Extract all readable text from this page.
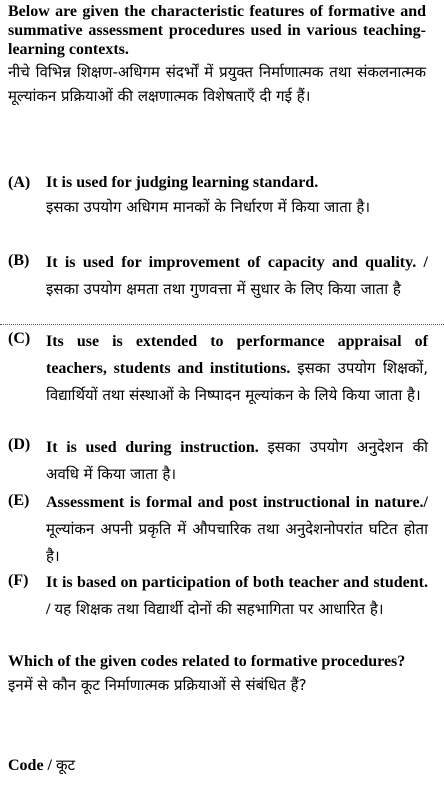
Below are given the characteristic features of formative and summative assessment procedures used in various teaching-learning contexts.
नीचे विभिन्न शिक्षण-अधिगम संदर्भों में प्रयुक्त निर्माणात्मक तथा संकलनात्मक मूल्यांकन प्रक्रियाओं की लक्षणात्मक विशेषताएँ दी गई हैं।
(A) It is used for judging learning standard.
इसका उपयोग अधिगम मानकों के निर्धारण में किया जाता है।
(B) It is used for improvement of capacity and quality. / इसका उपयोग क्षमता तथा गुणवत्ता में सुधार के लिए किया जाता है
(C) Its use is extended to performance appraisal of teachers, students and institutions. इसका उपयोग शिक्षकों, विद्यार्थियों तथा संस्थाओं के निष्पादन मूल्यांकन के लिये किया जाता है।
(D) It is used during instruction. इसका उपयोग अनुदेशन की अवधि में किया जाता है।
(E) Assessment is formal and post instructional in nature./ मूल्यांकन अपनी प्रकृति में औपचारिक तथा अनुदेशनोपरांत घटित होता है।
(F) It is based on participation of both teacher and student. / यह शिक्षक तथा विद्यार्थी दोनों की सहभागिता पर आधारित है।
Which of the given codes related to formative procedures?
इनमें से कौन कूट निर्माणात्मक प्रक्रियाओं से संबंधित हैं?
Code / कूट
